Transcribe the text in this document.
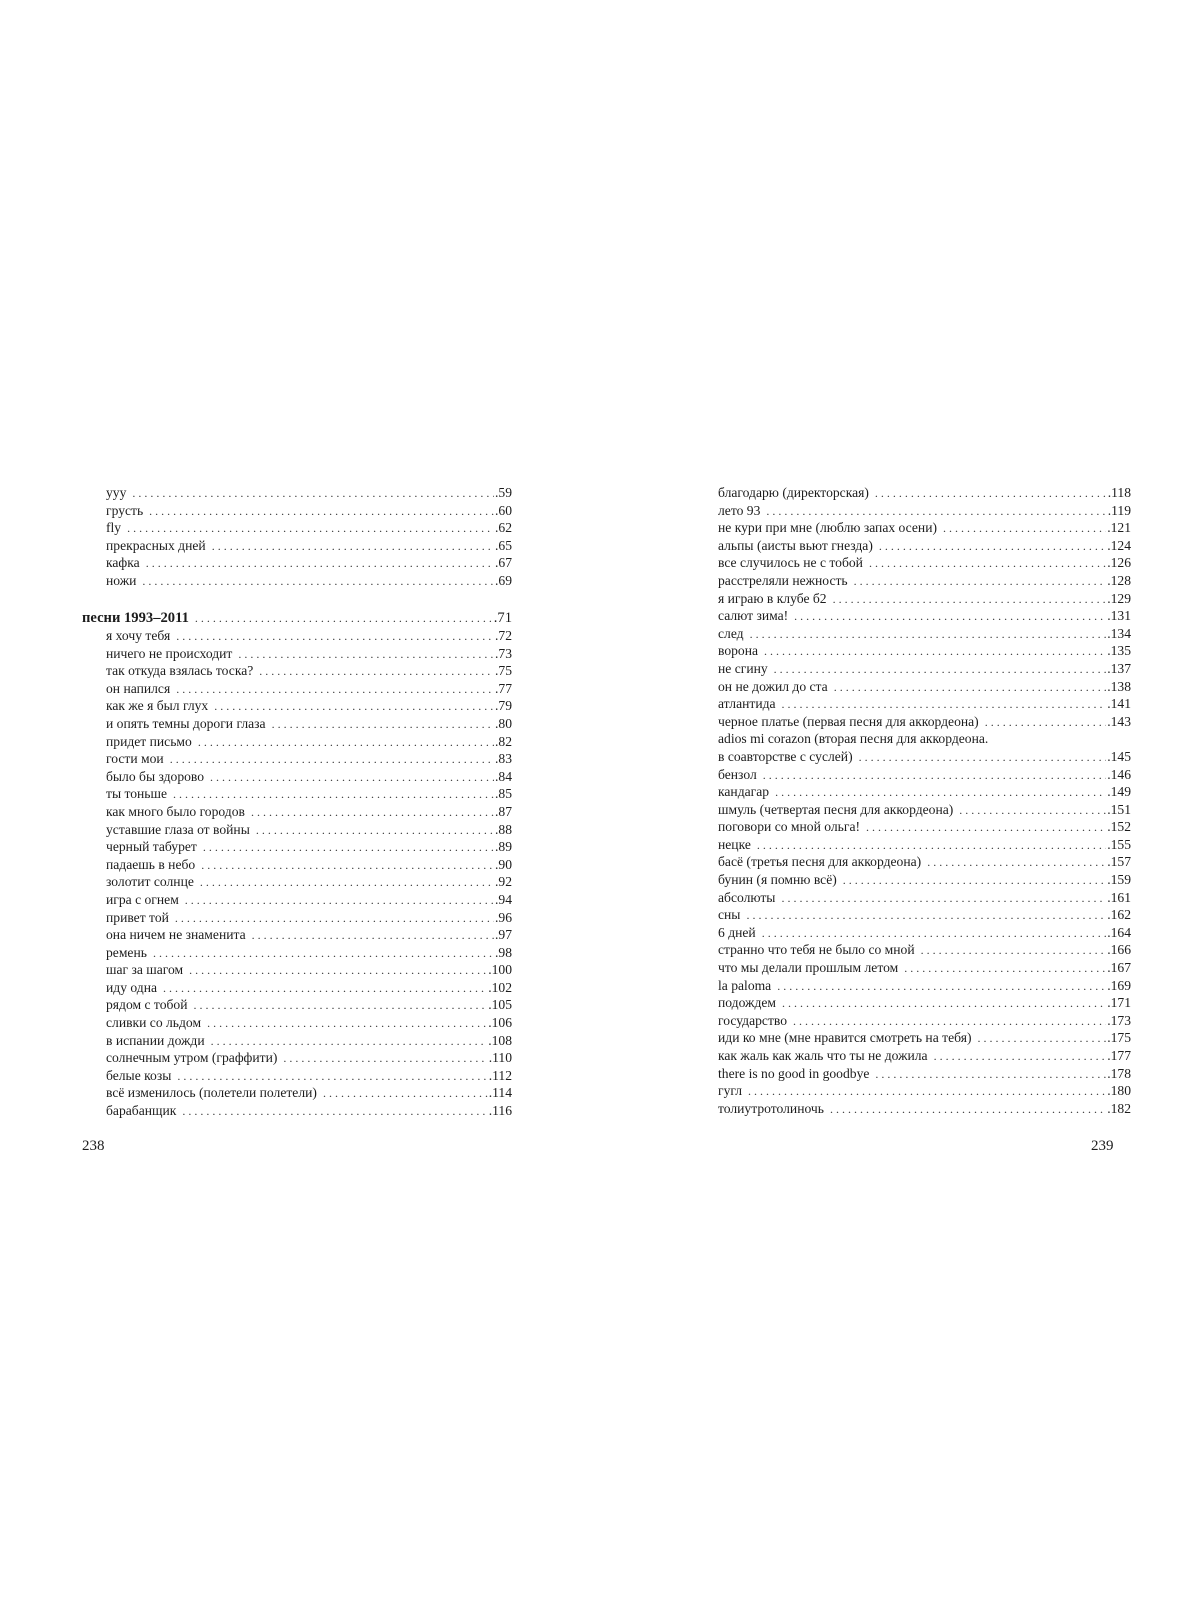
ууу . . .	.59
грусть . . .	.60
fly . . .	.62
прекрасных дней . . .	.65
кафка . . .	.67
ножи . . .	.69
песни 1993–2011 . . .	.71
я хочу тебя . . .	.72
ничего не происходит . . .	.73
так откуда взялась тоска? . . .	.75
он напился . . .	.77
как же я был глух . . .	.79
и опять темны дороги глаза . . .	.80
придет письмо . . .	.82
гости мои . . .	.83
было бы здорово . . .	.84
ты тоньше . . .	.85
как много было городов . . .	.87
уставшие глаза от войны . . .	.88
черный табурет . . .	.89
падаешь в небо . . .	.90
золотит солнце . . .	.92
игра с огнем . . .	.94
привет той . . .	.96
она ничем не знаменита . . .	.97
ремень . . .	.98
шаг за шагом . . .	.100
иду одна . . .	.102
рядом с тобой . . .	.105
сливки со льдом . . .	.106
в испании дожди . . .	.108
солнечным утром (граффити) . . .	.110
белые козы . . .	.112
всё изменилось (полетели полетели) . . .	.114
барабанщик . . .	.116
238
благодарю (директорская) . . .	.118
лето 93 . . .	.119
не кури при мне (люблю запах осени) . . .	.121
альпы (аисты вьют гнезда) . . .	.124
все случилось не с тобой . . .	.126
расстреляли нежность . . .	.128
я играю в клубе б2 . . .	.129
салют зима! . . .	.131
след . . .	.134
ворона . . .	.135
не сгину . . .	.137
он не дожил до ста . . .	.138
атлантида . . .	.141
черное платье (первая песня для аккордеона) . . .	.143
adios mi corazon (вторая песня для аккордеона.
в соавторстве с суслей) . . .	.145
бензол . . .	.146
кандагар . . .	.149
шмуль (четвертая песня для аккордеона) . . .	.151
поговори со мной ольга! . . .	.152
нецке . . .	.155
басё (третья песня для аккордеона) . . .	.157
бунин (я помню всё) . . .	.159
абсолюты . . .	.161
сны . . .	.162
6 дней . . .	.164
странно что тебя не было со мной . . .	.166
что мы делали прошлым летом . . .	.167
la paloma . . .	.169
подождем . . .	.171
государство . . .	.173
иди ко мне (мне нравится смотреть на тебя) . . .	.175
как жаль как жаль что ты не дожила . . .	.177
there is no good in goodbye . . .	.178
гугл . . .	.180
толиутротолиночь . . .	.182
239
